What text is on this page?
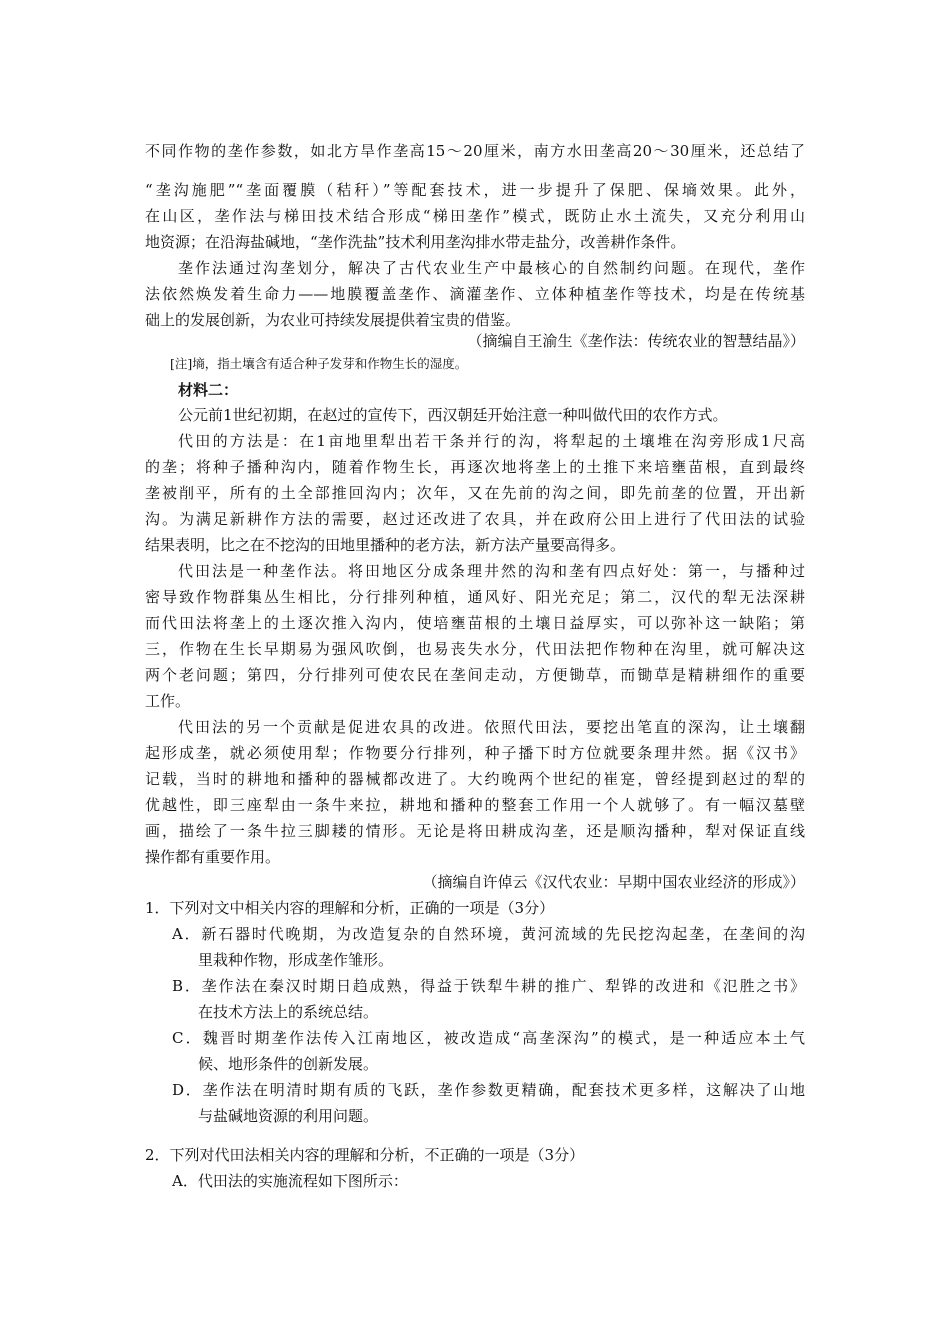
不同作物的垄作参数，如北方旱作垄高15～20厘米，南方水田垄高20～30厘米，还总结了
“垄沟施肥”“垄面覆膜（秸秆）”等配套技术，进一步提升了保肥、保墒效果。此外，
在山区，垄作法与梯田技术结合形成“梯田垄作”模式，既防止水土流失，又充分利用山
地资源；在沿海盐碱地，“垄作洗盐”技术利用垄沟排水带走盐分，改善耕作条件。
垄作法通过沟垄划分，解决了古代农业生产中最核心的自然制约问题。在现代，垄作
法依然焕发着生命力——地膜覆盖垄作、滴灌垄作、立体种植垄作等技术，均是在传统基
础上的发展创新，为农业可持续发展提供着宝贵的借鉴。
（摘编自王渝生《垄作法：传统农业的智慧结晶》）
[注]墒，指土壤含有适合种子发芽和作物生长的湿度。
材料二：
公元前1世纪初期，在赵过的宣传下，西汉朝廷开始注意一种叫做代田的农作方式。
代田的方法是：在1亩地里犁出若干条并行的沟，将犁起的土壤堆在沟旁形成1尺高
的垄；将种子播种沟内，随着作物生长，再逐次地将垄上的土推下来培壅苗根，直到最终
垄被削平，所有的土全部推回沟内；次年，又在先前的沟之间，即先前垄的位置，开出新
沟。为满足新耕作方法的需要，赵过还改进了农具，并在政府公田上进行了代田法的试验
结果表明，比之在不挖沟的田地里播种的老方法，新方法产量要高得多。
代田法是一种垄作法。将田地区分成条理井然的沟和垄有四点好处：第一，与播种过
密导致作物群集丛生相比，分行排列种植，通风好、阳光充足；第二，汉代的犁无法深耕
而代田法将垄上的土逐次推入沟内，使培壅苗根的土壤日益厚实，可以弥补这一缺陷；第
三，作物在生长早期易为强风吹倒，也易丧失水分，代田法把作物种在沟里，就可解决这
两个老问题；第四，分行排列可使农民在垄间走动，方便锄草，而锄草是精耕细作的重要
工作。
代田法的另一个贡献是促进农具的改进。依照代田法，要挖出笔直的深沟，让土壤翻
起形成垄，就必须使用犁；作物要分行排列，种子播下时方位就要条理井然。据《汉书》
记载，当时的耕地和播种的器械都改进了。大约晚两个世纪的崔寔，曾经提到赵过的犁的
优越性，即三座犁由一条牛来拉，耕地和播种的整套工作用一个人就够了。有一幅汉墓壁
画，描绘了一条牛拉三脚耧的情形。无论是将田耕成沟垄，还是顺沟播种，犁对保证直线
操作都有重要作用。
（摘编自许倬云《汉代农业：早期中国农业经济的形成》）
1．下列对文中相关内容的理解和分析，正确的一项是（3分）
A．新石器时代晚期，为改造复杂的自然环境，黄河流域的先民挖沟起垄，在垄间的沟
里栽种作物，形成垄作雏形。
B．垄作法在秦汉时期日趋成熟，得益于铁犁牛耕的推广、犁铧的改进和《氾胜之书》
在技术方法上的系统总结。
C．魏晋时期垄作法传入江南地区，被改造成“高垄深沟”的模式，是一种适应本土气
候、地形条件的创新发展。
D．垄作法在明清时期有质的飞跃，垄作参数更精确，配套技术更多样，这解决了山地
与盐碱地资源的利用问题。
2．下列对代田法相关内容的理解和分析，不正确的一项是（3分）
A．代田法的实施流程如下图所示：
